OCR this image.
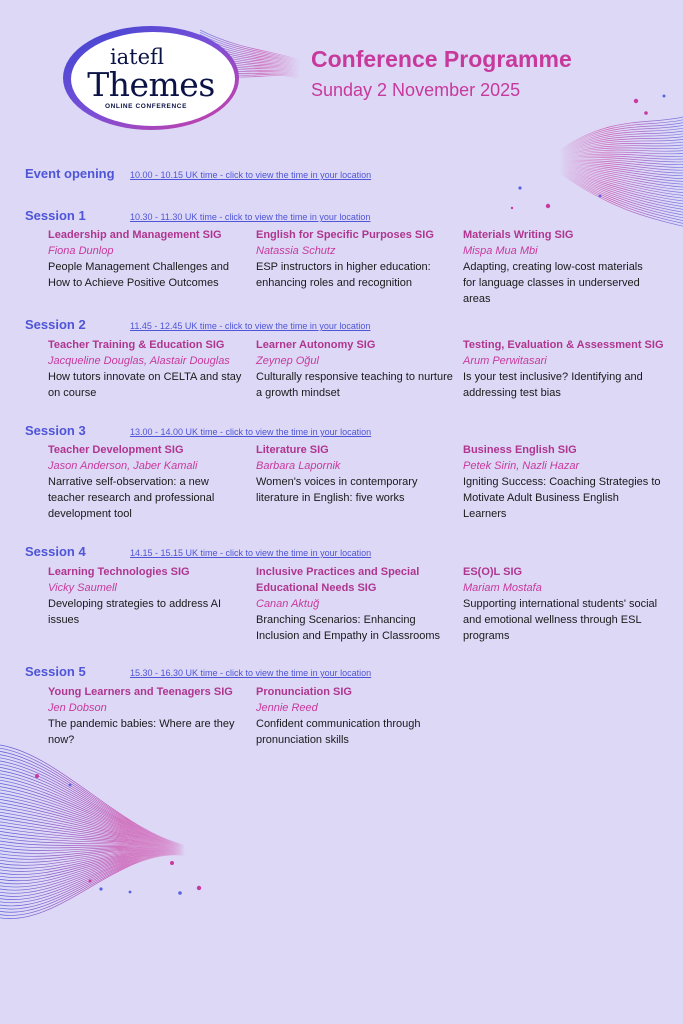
iatefl
Themes
ONLINE CONFERENCE
Conference Programme
Sunday 2 November 2025
Event opening	10.00 - 10.15 UK time - click to view the time in your location
Session 1	10.30 - 11.30 UK time - click to view the time in your location
Leadership and Management SIG
Fiona Dunlop
People Management Challenges and How to Achieve Positive Outcomes
English for Specific Purposes SIG
Natassia Schutz
ESP instructors in higher education: enhancing roles and recognition
Materials Writing SIG
Mispa Mua Mbi
Adapting, creating low-cost materials for language classes in underserved areas
Session 2	11.45 - 12.45 UK time - click to view the time in your location
Teacher Training & Education SIG
Jacqueline Douglas, Alastair Douglas
How tutors innovate on CELTA and stay on course
Learner Autonomy SIG
Zeynep Oğul
Culturally responsive teaching to nurture a growth mindset
Testing, Evaluation & Assessment SIG
Arum Perwitasari
Is your test inclusive? Identifying and addressing test bias
Session 3	13.00 - 14.00 UK time - click to view the time in your location
Teacher Development SIG
Jason Anderson, Jaber Kamali
Narrative self-observation: a new teacher research and professional development tool
Literature SIG
Barbara Lapornik
Women's voices in contemporary literature in English: five works
Business English SIG
Petek Sirin, Nazli Hazar
Igniting Success: Coaching Strategies to Motivate Adult Business English Learners
Session 4	14.15 - 15.15 UK time - click to view the time in your location
Learning Technologies SIG
Vicky Saumell
Developing strategies to address AI issues
Inclusive Practices and Special Educational Needs SIG
Canan Aktuğ
Branching Scenarios: Enhancing Inclusion and Empathy in Classrooms
ES(O)L SIG
Mariam Mostafa
Supporting international students' social and emotional wellness through ESL programs
Session 5	15.30 - 16.30 UK time - click to view the time in your location
Young Learners and Teenagers SIG
Jen Dobson
The pandemic babies: Where are they now?
Pronunciation SIG
Jennie Reed
Confident communication through pronunciation skills
